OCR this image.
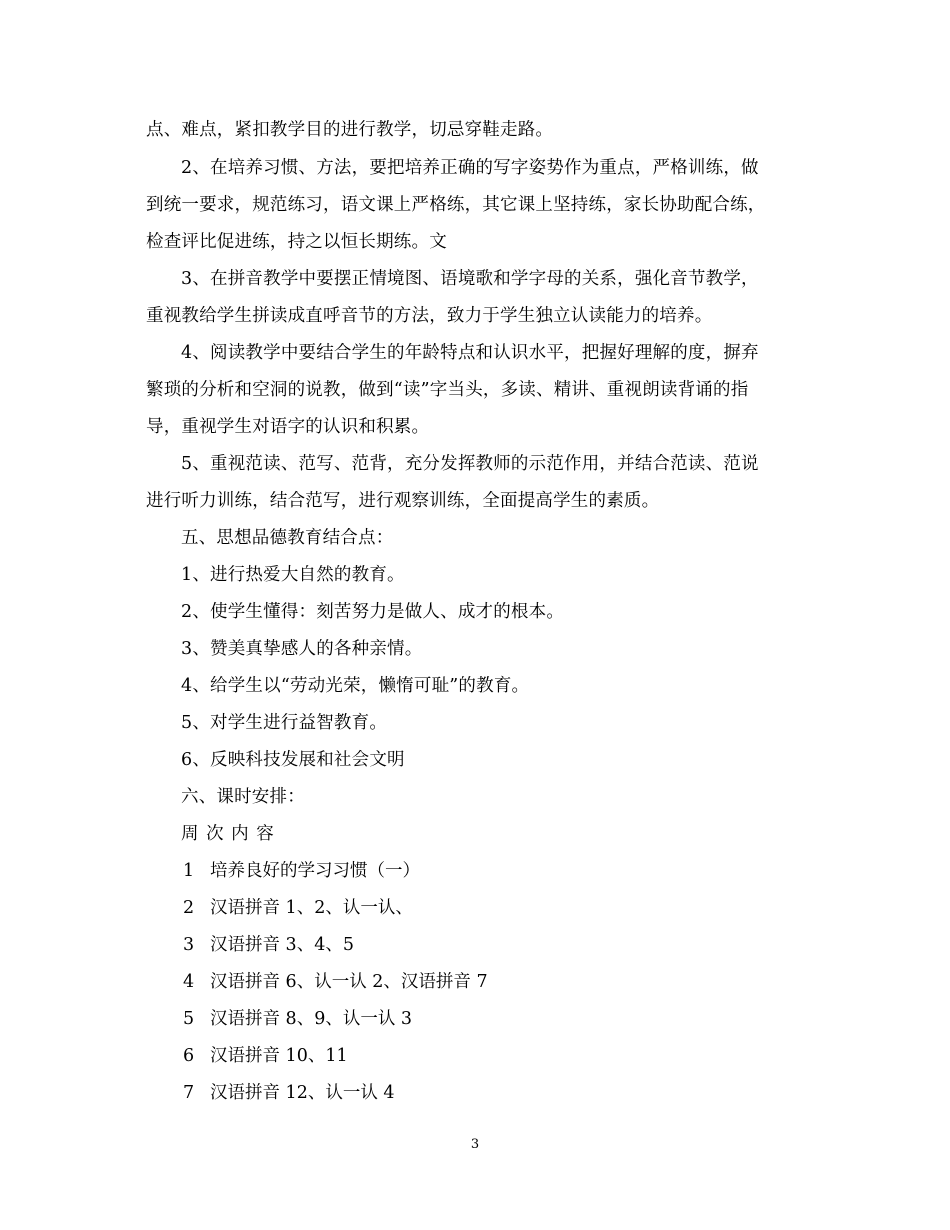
点、难点，紧扣教学目的进行教学，切忌穿鞋走路。
2、在培养习惯、方法，要把培养正确的写字姿势作为重点，严格训练，做
到统一要求，规范练习，语文课上严格练，其它课上坚持练，家长协助配合练，
检查评比促进练，持之以恒长期练。文
3、在拼音教学中要摆正情境图、语境歌和学字母的关系，强化音节教学，
重视教给学生拼读成直呼音节的方法，致力于学生独立认读能力的培养。
4、阅读教学中要结合学生的年龄特点和认识水平，把握好理解的度，摒弃
繁琐的分析和空洞的说教，做到“读”字当头，多读、精讲、重视朗读背诵的指
导，重视学生对语字的认识和积累。
5、重视范读、范写、范背，充分发挥教师的示范作用，并结合范读、范说
进行听力训练，结合范写，进行观察训练，全面提高学生的素质。
五、思想品德教育结合点：
1、进行热爱大自然的教育。
2、使学生懂得：刻苦努力是做人、成才的根本。
3、赞美真挚感人的各种亲情。
4、给学生以“劳动光荣，懒惰可耻”的教育。
5、对学生进行益智教育。
6、反映科技发展和社会文明
六、课时安排：
周 次 内 容
1 培养良好的学习习惯（一）
2 汉语拼音 1、2、认一认、
3 汉语拼音 3、4、5
4 汉语拼音 6、认一认 2、汉语拼音 7
5 汉语拼音 8、9、认一认 3
6 汉语拼音 10、11
7 汉语拼音 12、认一认 4
3
